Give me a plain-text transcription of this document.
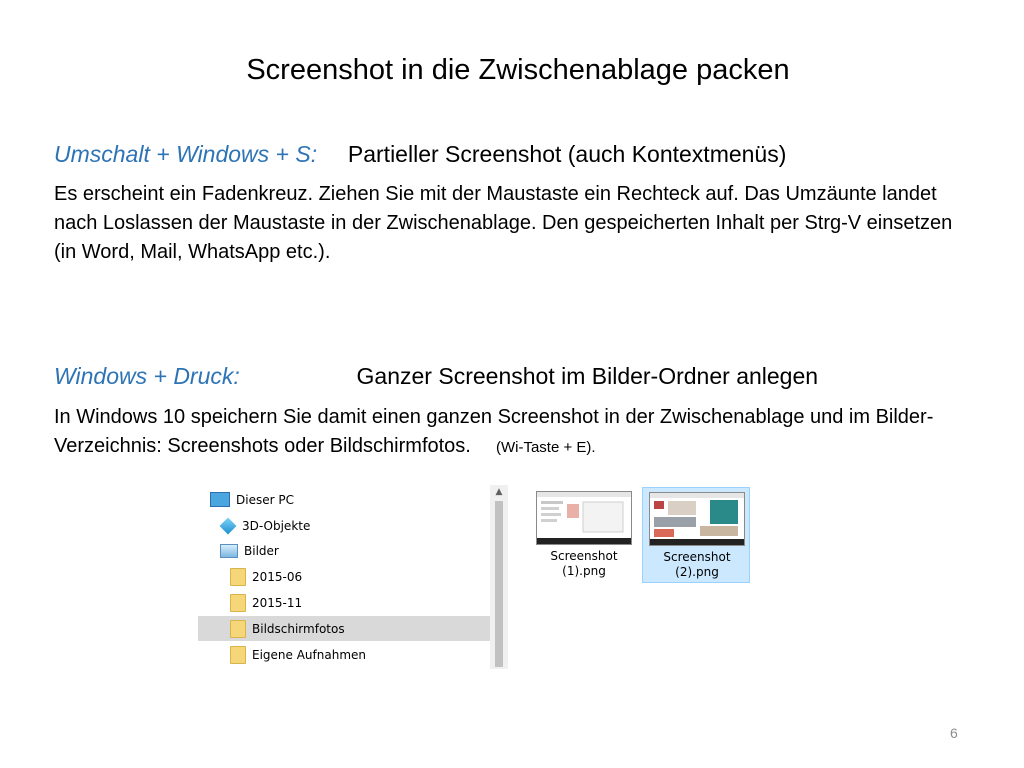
Screenshot in die Zwischenablage packen
Umschalt + Windows + S: Partieller Screenshot (auch Kontextmenüs)
Es erscheint ein Fadenkreuz. Ziehen Sie mit der Maustaste ein Rechteck auf. Das Umzäunte landet nach Loslassen der Maustaste in der Zwischenablage. Den gespeicherten Inhalt per Strg-V einsetzen (in Word, Mail, WhatsApp etc.).
Windows + Druck:	Ganzer Screenshot im Bilder-Ordner anlegen
In Windows 10 speichern Sie damit einen ganzen Screenshot in der Zwischenablage und im Bilder-Verzeichnis: Screenshots oder Bildschirmfotos. (Wi-Taste + E).
Dieser PC
3D-Objekte
Bilder
2015-06
2015-11
Bildschirmfotos
Eigene Aufnahmen
▲
Screenshot
(1).png
Screenshot
(2).png
6
